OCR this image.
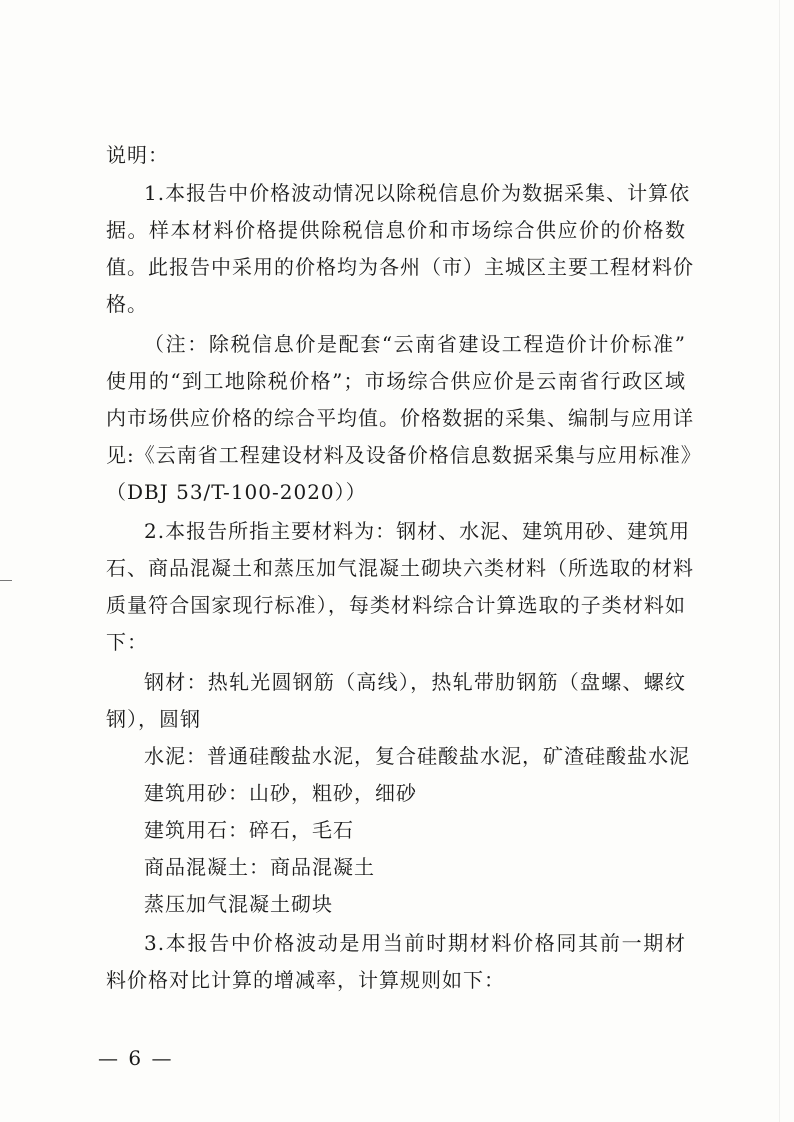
说明：
1.本报告中价格波动情况以除税信息价为数据采集、计算依
据。样本材料价格提供除税信息价和市场综合供应价的价格数
值。此报告中采用的价格均为各州（市）主城区主要工程材料价
格。
（注：除税信息价是配套“云南省建设工程造价计价标准”
使用的“到工地除税价格”；市场综合供应价是云南省行政区域
内市场供应价格的综合平均值。价格数据的采集、编制与应用详
见:《云南省工程建设材料及设备价格信息数据采集与应用标准》
（DBJ 53/T-100-2020））
2.本报告所指主要材料为：钢材、水泥、建筑用砂、建筑用
石、商品混凝土和蒸压加气混凝土砌块六类材料（所选取的材料
质量符合国家现行标准），每类材料综合计算选取的子类材料如
下：
钢材：热轧光圆钢筋（高线），热轧带肋钢筋（盘螺、螺纹
钢），圆钢
水泥：普通硅酸盐水泥，复合硅酸盐水泥，矿渣硅酸盐水泥
建筑用砂：山砂，粗砂，细砂
建筑用石：碎石，毛石
商品混凝土：商品混凝土
蒸压加气混凝土砌块
3.本报告中价格波动是用当前时期材料价格同其前一期材
料价格对比计算的增减率，计算规则如下：
— 6 —
